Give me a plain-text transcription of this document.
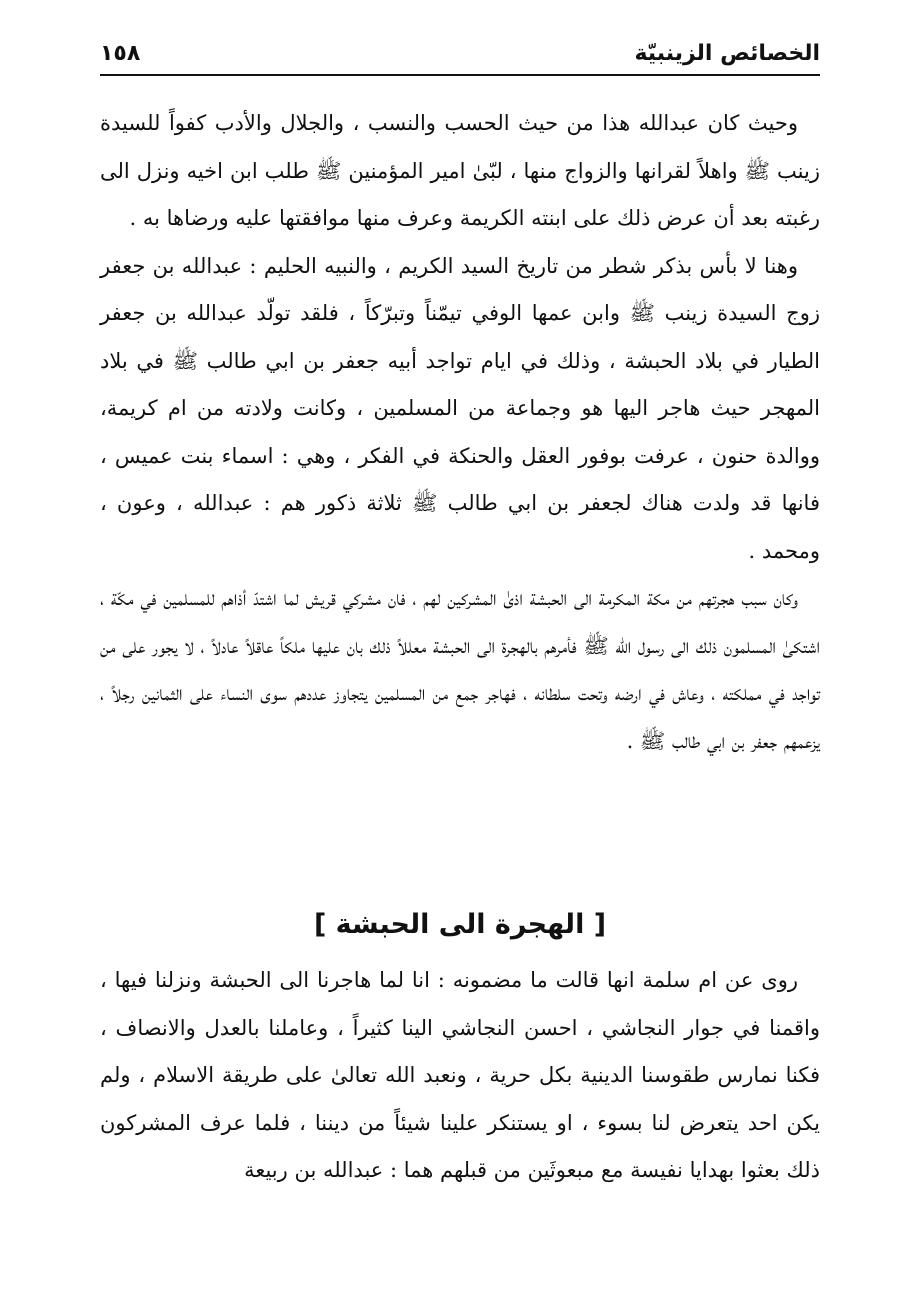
الخصائص الزينبيّة
١٥٨

وحيث كان عبدالله هذا من حيث الحسب والنسب ، والجلال والأدب كفواً للسيدة زينب ﷺ واهلاً لقرانها والزواج منها ، لبّىٰ امير المؤمنين ﷺ طلب ابن اخيه ونزل الى رغبته بعد أن عرض ذلك على ابنته الكريمة وعرف منها موافقتها عليه ورضاها به .

وهنا لا بأس بذكر شطر من تاريخ السيد الكريم ، والنبيه الحليم : عبدالله بن جعفر زوج السيدة زينب ﷺ وابن عمها الوفي تيمّناً وتبرّكاً ، فلقد تولّد عبدالله بن جعفر الطيار في بلاد الحبشة ، وذلك في ايام تواجد أبيه جعفر بن ابي طالب ﷺ في بلاد المهجر حيث هاجر اليها هو وجماعة من المسلمين ، وكانت ولادته من ام كريمة، ووالدة حنون ، عرفت بوفور العقل والحنكة في الفكر ، وهي : اسماء بنت عميس ، فانها قد ولدت هناك لجعفر بن ابي طالب ﷺ ثلاثة ذكور هم : عبدالله ، وعون ، ومحمد .

وكان سبب هجرتهم من مكة المكرمة الى الحبشة اذىٰ المشركين لهم ، فان مشركي قريش لما اشتدّ أذاهم للمسلمين في مكّة ، اشتكىٰ المسلمون ذلك الى رسول الله ﷺ فأمرهم بالهجرة الى الحبشة معللاً ذلك بان عليها ملكاً عاقلاً عادلاً ، لا يجور على من تواجد في مملكته ، وعاش في ارضه وتحت سلطانه ، فهاجر جمع من المسلمين يتجاوز عددهم سوى النساء على الثمانين رجلاً ، يزعمهم جعفر بن ابي طالب ﷺ .

[ الهجرة الى الحبشة ]

روى عن ام سلمة انها قالت ما مضمونه : انا لما هاجرنا الى الحبشة ونزلنا فيها ، واقمنا في جوار النجاشي ، احسن النجاشي الينا كثيراً ، وعاملنا بالعدل والانصاف ، فكنا نمارس طقوسنا الدينية بكل حرية ، ونعبد الله تعالىٰ على طريقة الاسلام ، ولم يكن احد يتعرض لنا بسوء ، او يستنكر علينا شيئاً من ديننا ، فلما عرف المشركون ذلك بعثوا بهدايا نفيسة مع مبعوثَين من قبلهم هما : عبدالله بن ربيعة
